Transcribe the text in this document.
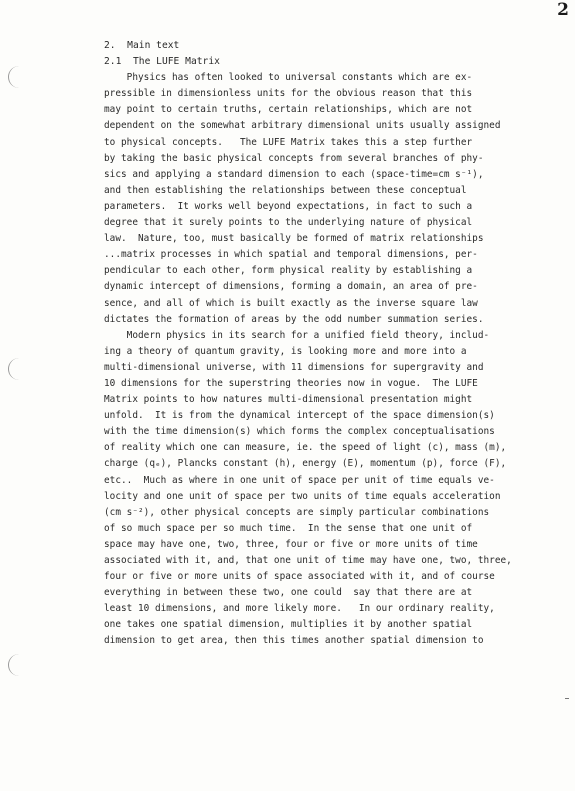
2
2.  Main text
2.1  The LUFE Matrix
Physics has often looked to universal constants which are ex-
pressible in dimensionless units for the obvious reason that this
may point to certain truths, certain relationships, which are not
dependent on the somewhat arbitrary dimensional units usually assigned
to physical concepts.   The LUFE Matrix takes this a step further
by taking the basic physical concepts from several branches of phy-
sics and applying a standard dimension to each (space-time=cm s⁻¹),
and then establishing the relationships between these conceptual
parameters.  It works well beyond expectations, in fact to such a
degree that it surely points to the underlying nature of physical
law.  Nature, too, must basically be formed of matrix relationships
...matrix processes in which spatial and temporal dimensions, per-
pendicular to each other, form physical reality by establishing a
dynamic intercept of dimensions, forming a domain, an area of pre-
sence, and all of which is built exactly as the inverse square law
dictates the formation of areas by the odd number summation series.
Modern physics in its search for a unified field theory, includ-
ing a theory of quantum gravity, is looking more and more into a
multi-dimensional universe, with 11 dimensions for supergravity and
10 dimensions for the superstring theories now in vogue.  The LUFE
Matrix points to how natures multi-dimensional presentation might
unfold.  It is from the dynamical intercept of the space dimension(s)
with the time dimension(s) which forms the complex conceptualisations
of reality which one can measure, ie. the speed of light (c), mass (m),
charge (qₑ), Plancks constant (h), energy (E), momentum (p), force (F),
etc..  Much as where in one unit of space per unit of time equals ve-
locity and one unit of space per two units of time equals acceleration
(cm s⁻²), other physical concepts are simply particular combinations
of so much space per so much time.  In the sense that one unit of
space may have one, two, three, four or five or more units of time
associated with it, and, that one unit of time may have one, two, three,
four or five or more units of space associated with it, and of course
everything in between these two, one could  say that there are at
least 10 dimensions, and more likely more.   In our ordinary reality,
one takes one spatial dimension, multiplies it by another spatial
dimension to get area, then this times another spatial dimension to
